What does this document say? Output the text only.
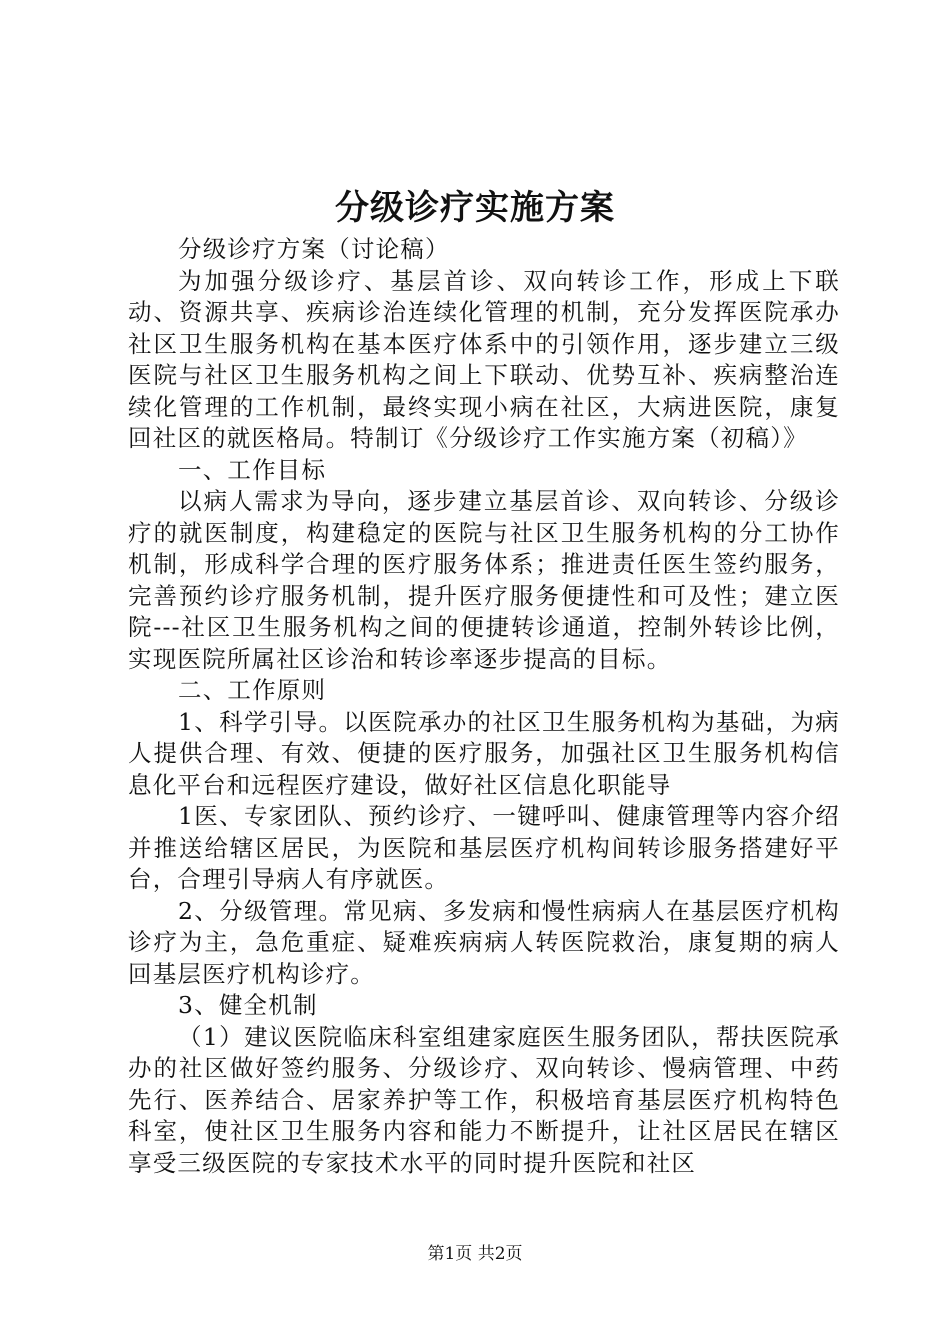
分级诊疗实施方案

分级诊疗方案（讨论稿）

为加强分级诊疗、基层首诊、双向转诊工作，形成上下联动、资源共享、疾病诊治连续化管理的机制，充分发挥医院承办社区卫生服务机构在基本医疗体系中的引领作用，逐步建立三级医院与社区卫生服务机构之间上下联动、优势互补、疾病整治连续化管理的工作机制，最终实现小病在社区，大病进医院，康复回社区的就医格局。特制订《分级诊疗工作实施方案（初稿）》

一、工作目标

以病人需求为导向，逐步建立基层首诊、双向转诊、分级诊疗的就医制度，构建稳定的医院与社区卫生服务机构的分工协作机制，形成科学合理的医疗服务体系；推进责任医生签约服务，完善预约诊疗服务机制，提升医疗服务便捷性和可及性；建立医院---社区卫生服务机构之间的便捷转诊通道，控制外转诊比例，实现医院所属社区诊治和转诊率逐步提高的目标。

二、工作原则

1、科学引导。以医院承办的社区卫生服务机构为基础，为病人提供合理、有效、便捷的医疗服务，加强社区卫生服务机构信息化平台和远程医疗建设，做好社区信息化职能导

1医、专家团队、预约诊疗、一键呼叫、健康管理等内容介绍并推送给辖区居民，为医院和基层医疗机构间转诊服务搭建好平台，合理引导病人有序就医。

2、分级管理。常见病、多发病和慢性病病人在基层医疗机构诊疗为主，急危重症、疑难疾病病人转医院救治，康复期的病人回基层医疗机构诊疗。

3、健全机制

（1）建议医院临床科室组建家庭医生服务团队，帮扶医院承办的社区做好签约服务、分级诊疗、双向转诊、慢病管理、中药先行、医养结合、居家养护等工作，积极培育基层医疗机构特色科室，使社区卫生服务内容和能力不断提升，让社区居民在辖区享受三级医院的专家技术水平的同时提升医院和社区

第1页 共2页
